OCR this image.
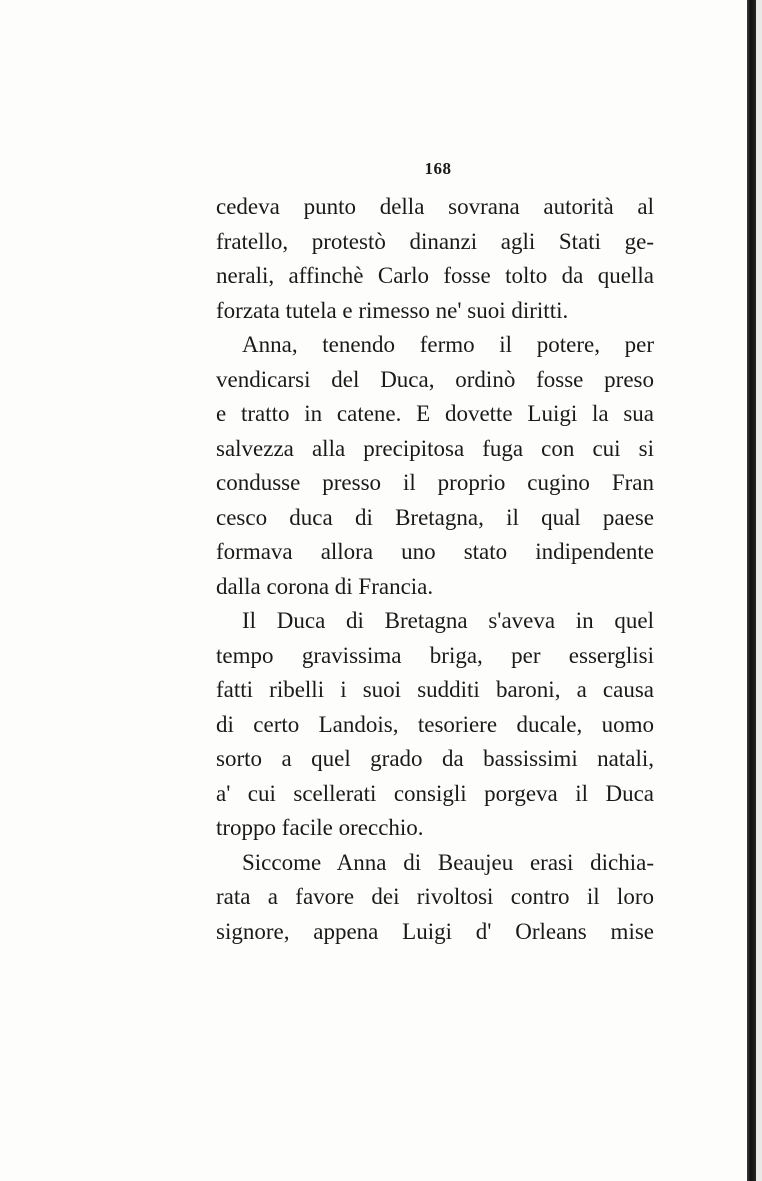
168
cedeva punto della sovrana autorità al
fratello, protestò dinanzi agli Stati ge-
nerali, affinchè Carlo fosse tolto da quella
forzata tutela e rimesso ne' suoi diritti.
Anna, tenendo fermo il potere, per
vendicarsi del Duca, ordinò fosse preso
e tratto in catene. E dovette Luigi la sua
salvezza alla precipitosa fuga con cui si
condusse presso il proprio cugino Fran
cesco duca di Bretagna, il qual paese
formava allora uno stato indipendente
dalla corona di Francia.
Il Duca di Bretagna s'aveva in quel
tempo gravissima briga, per esserglisi
fatti ribelli i suoi sudditi baroni, a causa
di certo Landois, tesoriere ducale, uomo
sorto a quel grado da bassissimi natali,
a' cui scellerati consigli porgeva il Duca
troppo facile orecchio.
Siccome Anna di Beaujeu erasi dichia-
rata a favore dei rivoltosi contro il loro
signore, appena Luigi d' Orleans mise
